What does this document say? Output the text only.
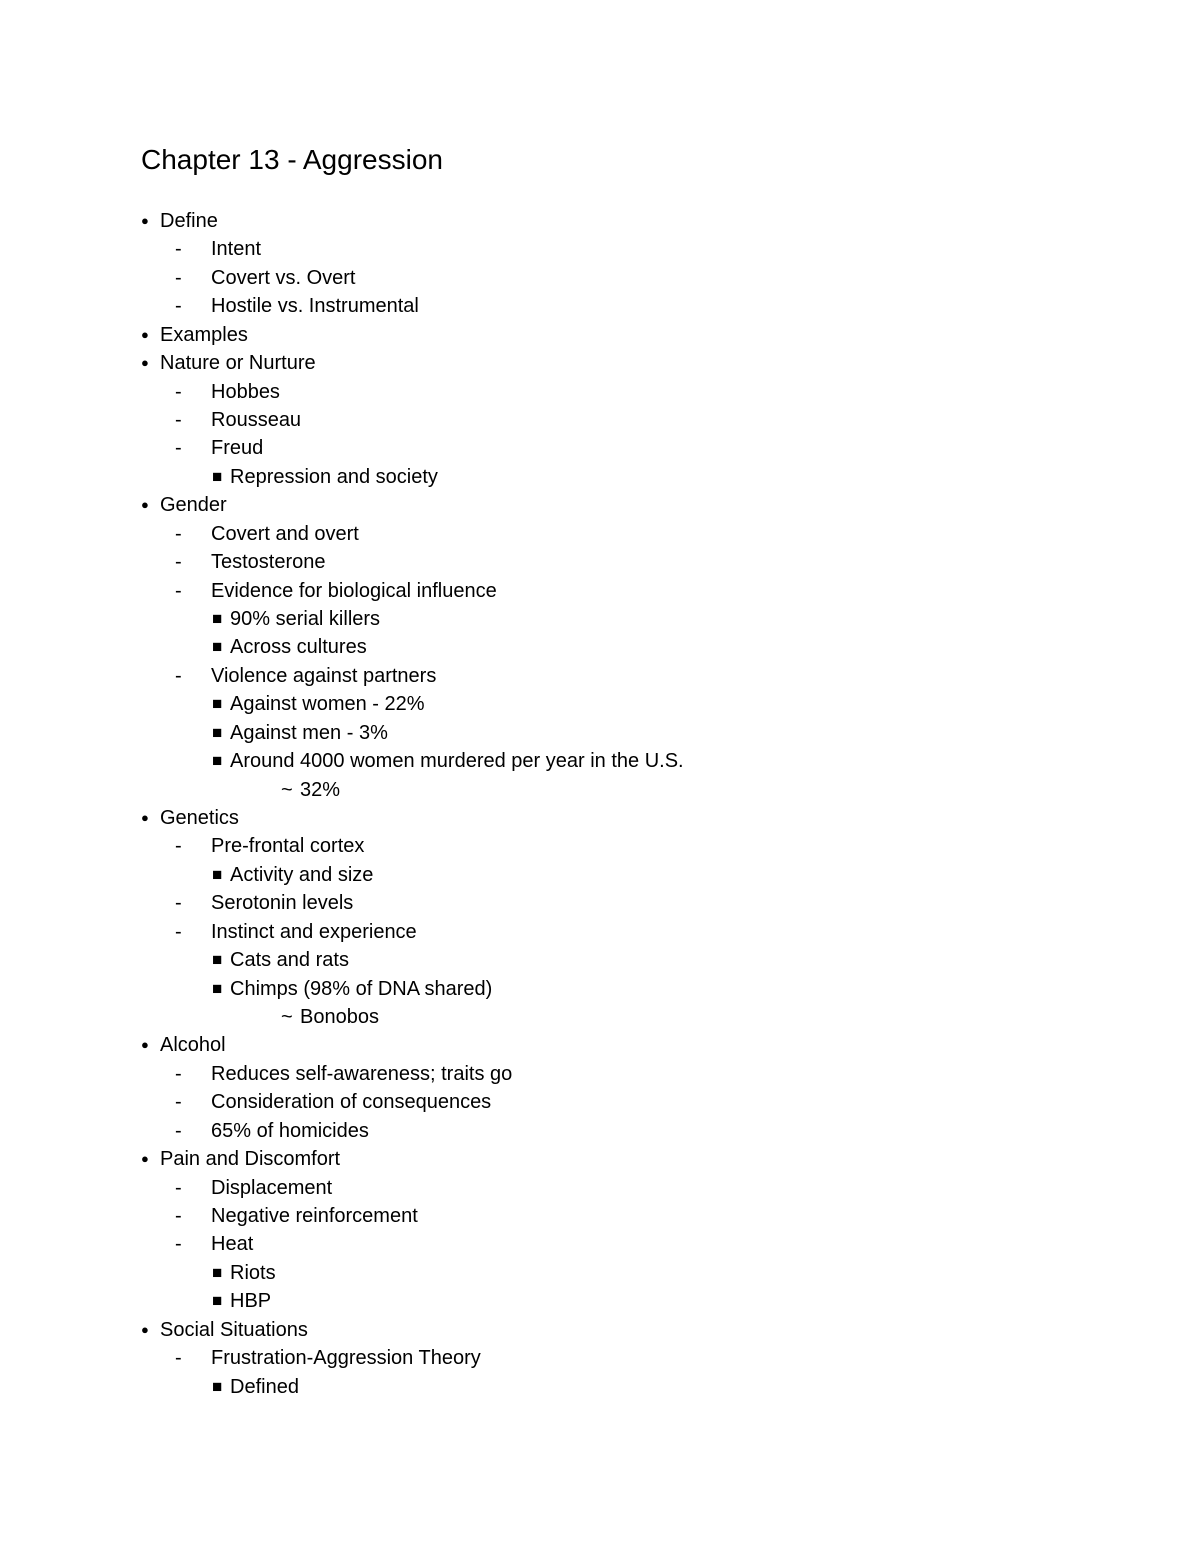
Chapter 13 - Aggression
● Define
- Intent
- Covert vs. Overt
- Hostile vs. Instrumental
● Examples
● Nature or Nurture
- Hobbes
- Rousseau
- Freud
■ Repression and society
● Gender
- Covert and overt
- Testosterone
- Evidence for biological influence
■ 90% serial killers
■ Across cultures
- Violence against partners
■ Against women - 22%
■ Against men - 3%
■ Around 4000 women murdered per year in the U.S.
~ 32%
● Genetics
- Pre-frontal cortex
■ Activity and size
- Serotonin levels
- Instinct and experience
■ Cats and rats
■ Chimps (98% of DNA shared)
~ Bonobos
● Alcohol
- Reduces self-awareness; traits go
- Consideration of consequences
- 65% of homicides
● Pain and Discomfort
- Displacement
- Negative reinforcement
- Heat
■ Riots
■ HBP
● Social Situations
- Frustration-Aggression Theory
■ Defined
